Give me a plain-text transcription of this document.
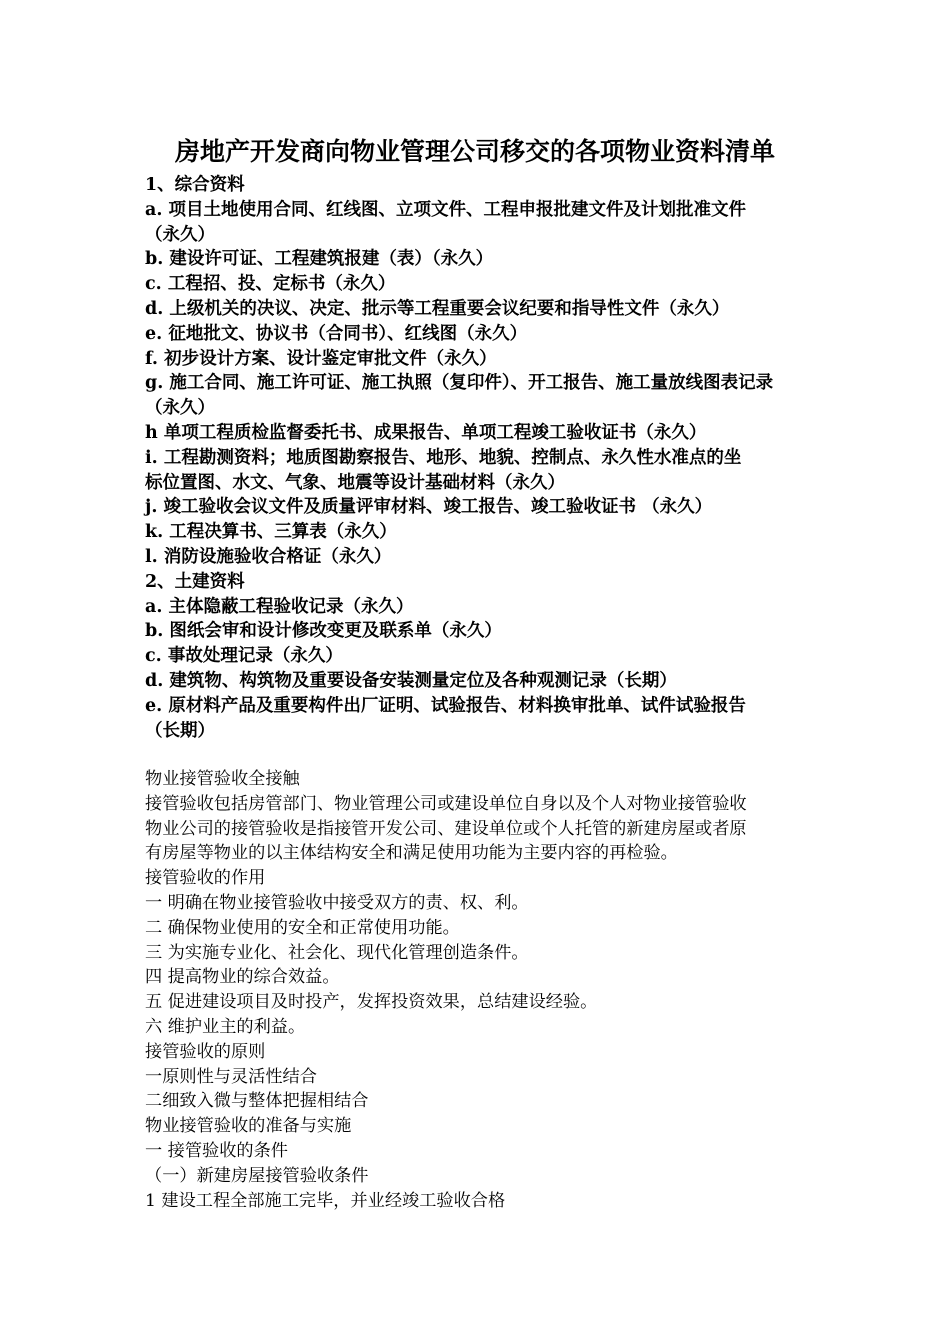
房地产开发商向物业管理公司移交的各项物业资料清单
1、综合资料
a. 项目土地使用合同、红线图、立项文件、工程申报批建文件及计划批准文件
（永久）
b. 建设许可证、工程建筑报建（表）（永久）
c. 工程招、投、定标书（永久）
d. 上级机关的决议、决定、批示等工程重要会议纪要和指导性文件（永久）
e. 征地批文、协议书（合同书）、红线图（永久）
f. 初步设计方案、设计鉴定审批文件（永久）
g. 施工合同、施工许可证、施工执照（复印件）、开工报告、施工量放线图表记录
（永久）
h 单项工程质检监督委托书、成果报告、单项工程竣工验收证书（永久）
i. 工程勘测资料；地质图勘察报告、地形、地貌、控制点、永久性水准点的坐
标位置图、水文、气象、地震等设计基础材料（永久）
j. 竣工验收会议文件及质量评审材料、竣工报告、竣工验收证书 （永久）
k. 工程决算书、三算表（永久）
l. 消防设施验收合格证（永久）
2、土建资料
a. 主体隐蔽工程验收记录（永久）
b. 图纸会审和设计修改变更及联系单（永久）
c. 事故处理记录（永久）
d. 建筑物、构筑物及重要设备安装测量定位及各种观测记录（长期）
e. 原材料产品及重要构件出厂证明、试验报告、材料换审批单、试件试验报告
（长期）
物业接管验收全接触
接管验收包括房管部门、物业管理公司或建设单位自身以及个人对物业接管验收
物业公司的接管验收是指接管开发公司、建设单位或个人托管的新建房屋或者原
有房屋等物业的以主体结构安全和满足使用功能为主要内容的再检验。
接管验收的作用
一 明确在物业接管验收中接受双方的责、权、利。
二 确保物业使用的安全和正常使用功能。
三 为实施专业化、社会化、现代化管理创造条件。
四 提高物业的综合效益。
五 促进建设项目及时投产，发挥投资效果，总结建设经验。
六 维护业主的利益。
接管验收的原则
一原则性与灵活性结合
二细致入微与整体把握相结合
物业接管验收的准备与实施
一 接管验收的条件
（一）新建房屋接管验收条件
1 建设工程全部施工完毕，并业经竣工验收合格
